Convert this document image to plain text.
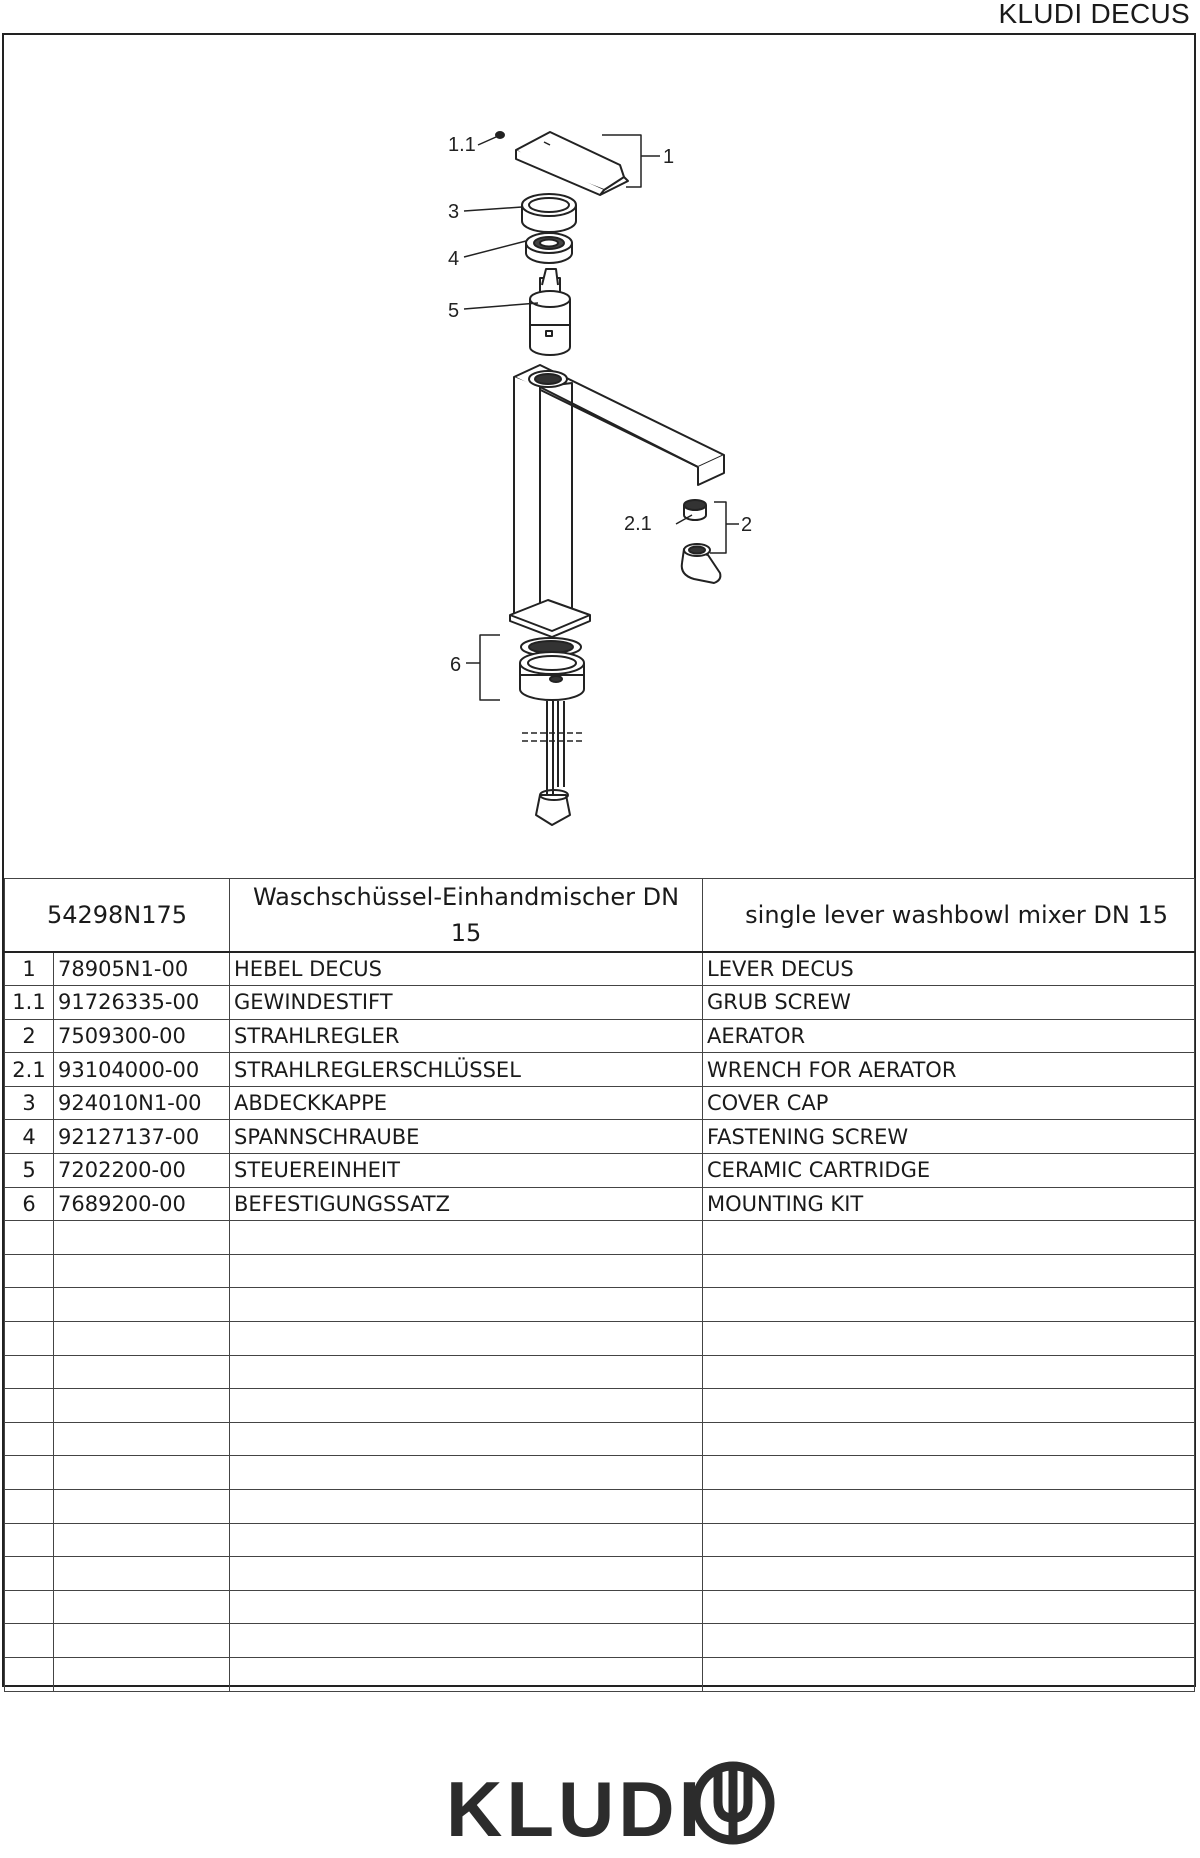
KLUDI DECUS
1.1
1
3
4
5
2.1	2
6
54298N175		Waschschüssel-Einhandmischer DN 15	single lever washbowl mixer DN 15
1	78905N1-00	HEBEL DECUS	LEVER DECUS
1.1	91726335-00	GEWINDESTIFT	GRUB SCREW
2	7509300-00	STRAHLREGLER	AERATOR
2.1	93104000-00	STRAHLREGLERSCHLÜSSEL	WRENCH FOR AERATOR
3	924010N1-00	ABDECKKAPPE	COVER CAP
4	92127137-00	SPANNSCHRAUBE	FASTENING SCREW
5	7202200-00	STEUEREINHEIT	CERAMIC CARTRIDGE
6	7689200-00	BEFESTIGUNGSSATZ	MOUNTING KIT

KLUDI
